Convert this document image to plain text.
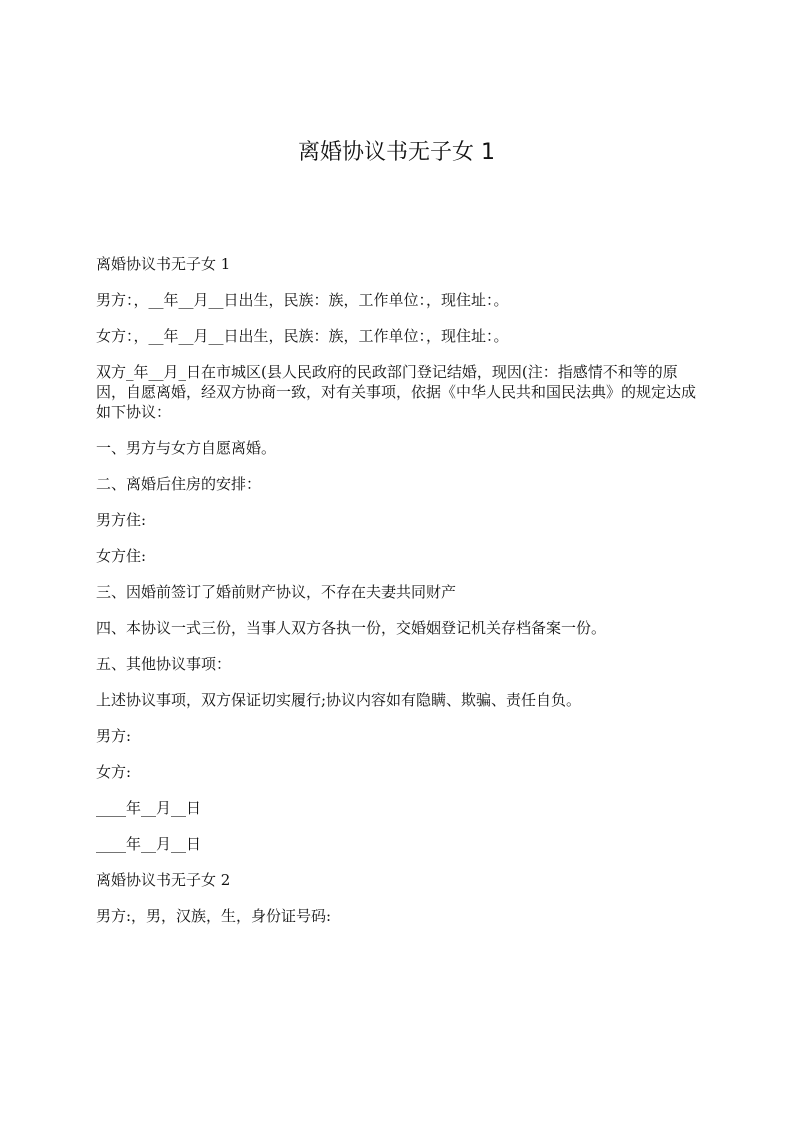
离婚协议书无子女 1

离婚协议书无子女 1

男方：，__年__月__日出生，民族：族，工作单位：，现住址：。

女方：，__年__月__日出生，民族：族，工作单位：，现住址：。

双方_年__月_日在市城区(县人民政府的民政部门登记结婚，现因(注：指感情不和等的原因，自愿离婚，经双方协商一致，对有关事项，依据《中华人民共和国民法典》的规定达成如下协议：

一、男方与女方自愿离婚。

二、离婚后住房的安排：

男方住:

女方住:

三、因婚前签订了婚前财产协议，不存在夫妻共同财产

四、本协议一式三份，当事人双方各执一份，交婚姻登记机关存档备案一份。

五、其他协议事项：

上述协议事项，双方保证切实履行;协议内容如有隐瞒、欺骗、责任自负。

男方:

女方:

____年__月__日

____年__月__日

离婚协议书无子女 2

男方:，男，汉族，生，身份证号码:
